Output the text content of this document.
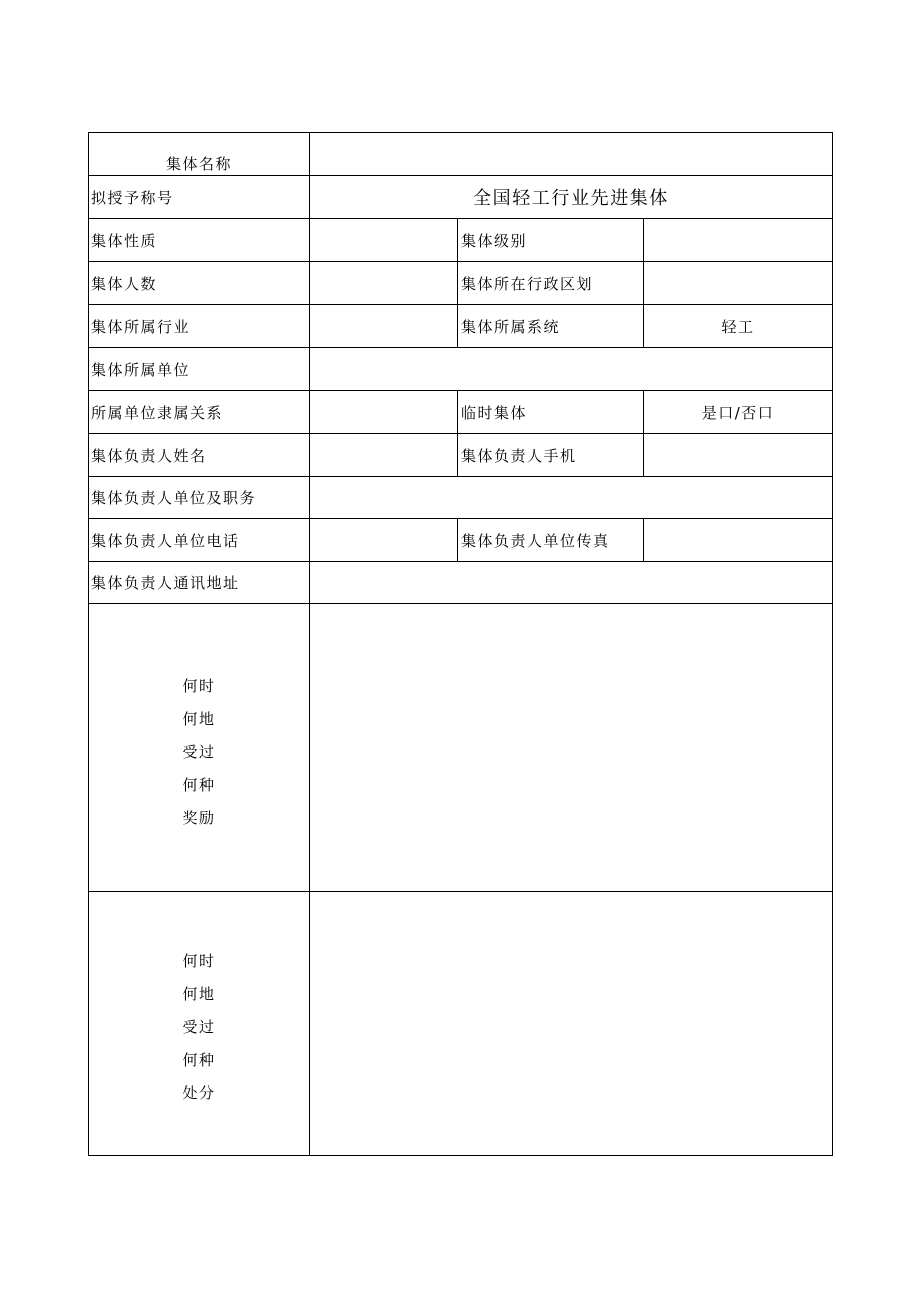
集体名称			
拟授予称号	全国轻工行业先进集体		
集体性质		集体级别	
集体人数		集体所在行政区划	
集体所属行业		集体所属系统	轻工
集体所属单位			
所属单位隶属关系		临时集体	是口/否口
集体负责人姓名		集体负责人手机	
集体负责人单位及职务			
集体负责人单位电话		集体负责人单位传真	
集体负责人通讯地址			

何时
何地
受过
何种
奖励			

何时
何地
受过
何种
处分			
